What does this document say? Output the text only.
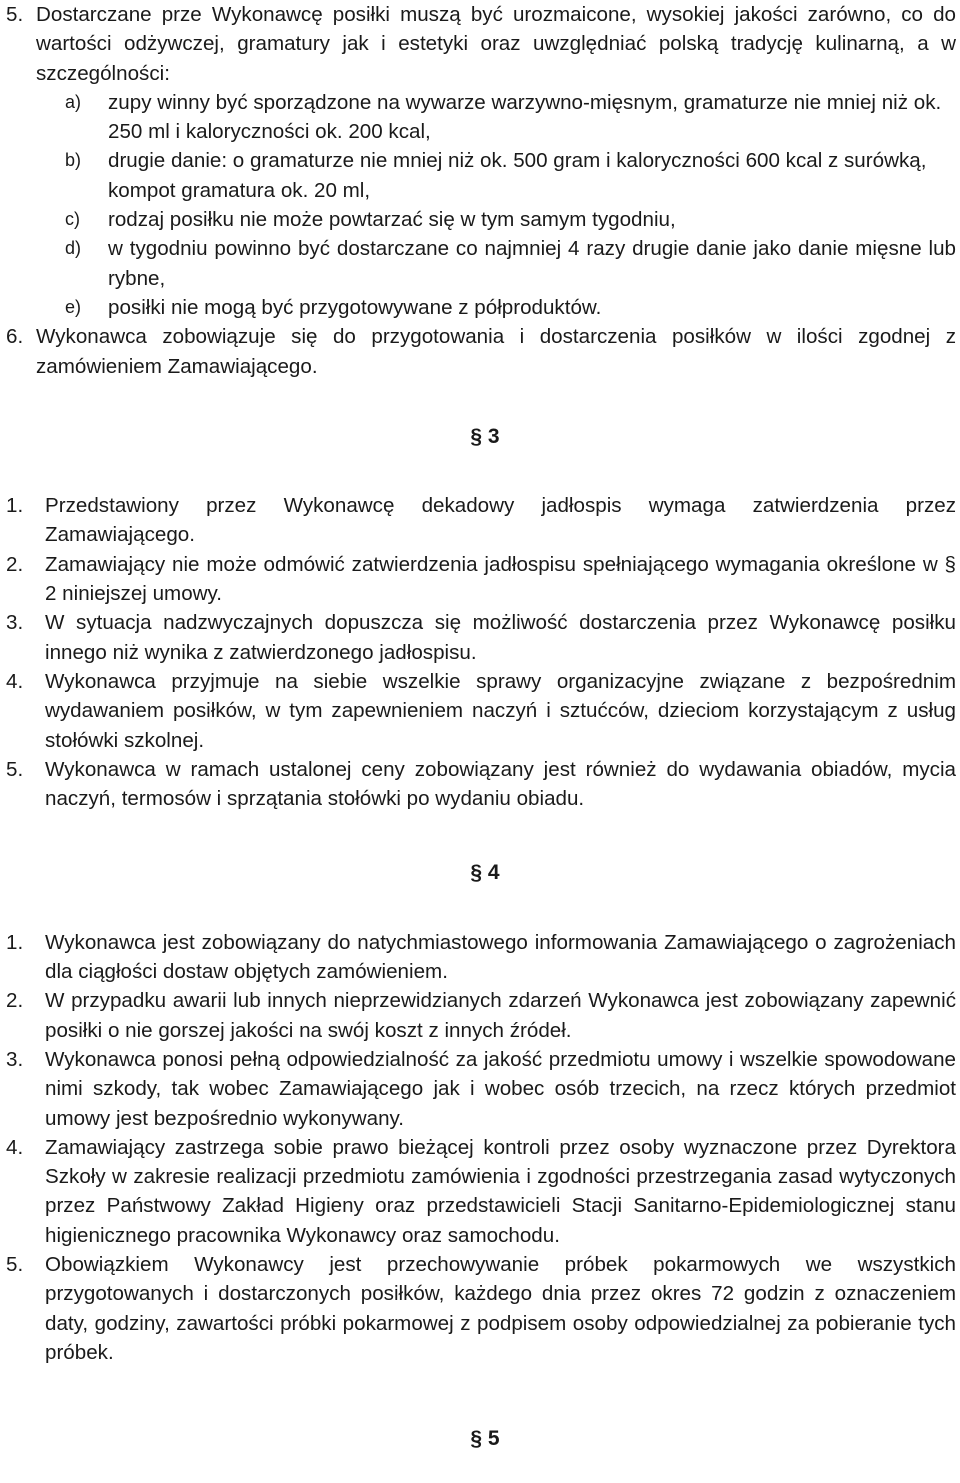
5. Dostarczane prze Wykonawcę posiłki muszą być urozmaicone, wysokiej jakości zarówno, co do wartości odżywczej, gramatury jak i estetyki oraz uwzględniać polską tradycję kulinarną, a w szczególności:
a)	zupy winny być sporządzone na wywarze warzywno-mięsnym, gramaturze nie mniej niż ok. 250 ml i kaloryczności ok. 200 kcal,
b)	drugie danie: o gramaturze nie mniej niż ok. 500 gram i kaloryczności 600 kcal z surówką, kompot gramatura ok. 20 ml,
c)	rodzaj posiłku nie może powtarzać się w tym samym tygodniu,
d)	w tygodniu powinno być dostarczane co najmniej 4 razy drugie danie jako danie mięsne lub rybne,
e)	posiłki nie mogą być przygotowywane z półproduktów.
6. Wykonawca zobowiązuje się do przygotowania i dostarczenia posiłków w ilości zgodnej z zamówieniem Zamawiającego.
§ 3
1.	Przedstawiony przez Wykonawcę dekadowy jadłospis wymaga zatwierdzenia przez Zamawiającego.
2.	Zamawiający nie może odmówić zatwierdzenia jadłospisu spełniającego wymagania określone w § 2 niniejszej umowy.
3.	W sytuacja nadzwyczajnych dopuszcza się możliwość dostarczenia przez Wykonawcę posiłku innego niż wynika z zatwierdzonego jadłospisu.
4.	Wykonawca przyjmuje na siebie wszelkie sprawy organizacyjne związane z bezpośrednim wydawaniem posiłków, w tym zapewnieniem naczyń i sztućców, dzieciom korzystającym z usług stołówki szkolnej.
5.	Wykonawca w ramach ustalonej ceny zobowiązany jest również do wydawania obiadów, mycia naczyń, termosów i sprzątania stołówki po wydaniu obiadu.
§ 4
1.	Wykonawca jest zobowiązany do natychmiastowego informowania Zamawiającego o zagrożeniach dla ciągłości dostaw objętych zamówieniem.
2.	W przypadku awarii lub innych nieprzewidzianych zdarzeń Wykonawca jest zobowiązany zapewnić posiłki o nie gorszej jakości na swój koszt z innych źródeł.
3.	Wykonawca ponosi pełną odpowiedzialność za jakość przedmiotu umowy i wszelkie spowodowane nimi szkody, tak wobec Zamawiającego jak i wobec osób trzecich, na rzecz których przedmiot umowy jest bezpośrednio wykonywany.
4.	Zamawiający zastrzega sobie prawo bieżącej kontroli przez osoby wyznaczone przez Dyrektora Szkoły w zakresie realizacji przedmiotu zamówienia i zgodności przestrzegania zasad wytyczonych przez Państwowy Zakład Higieny oraz przedstawicieli Stacji Sanitarno-Epidemiologicznej stanu higienicznego pracownika Wykonawcy oraz samochodu.
5.	Obowiązkiem Wykonawcy jest przechowywanie próbek pokarmowych we wszystkich przygotowanych i dostarczonych posiłków, każdego dnia przez okres 72 godzin z oznaczeniem daty, godziny, zawartości próbki pokarmowej z podpisem osoby odpowiedzialnej za pobieranie tych próbek.
§ 5
